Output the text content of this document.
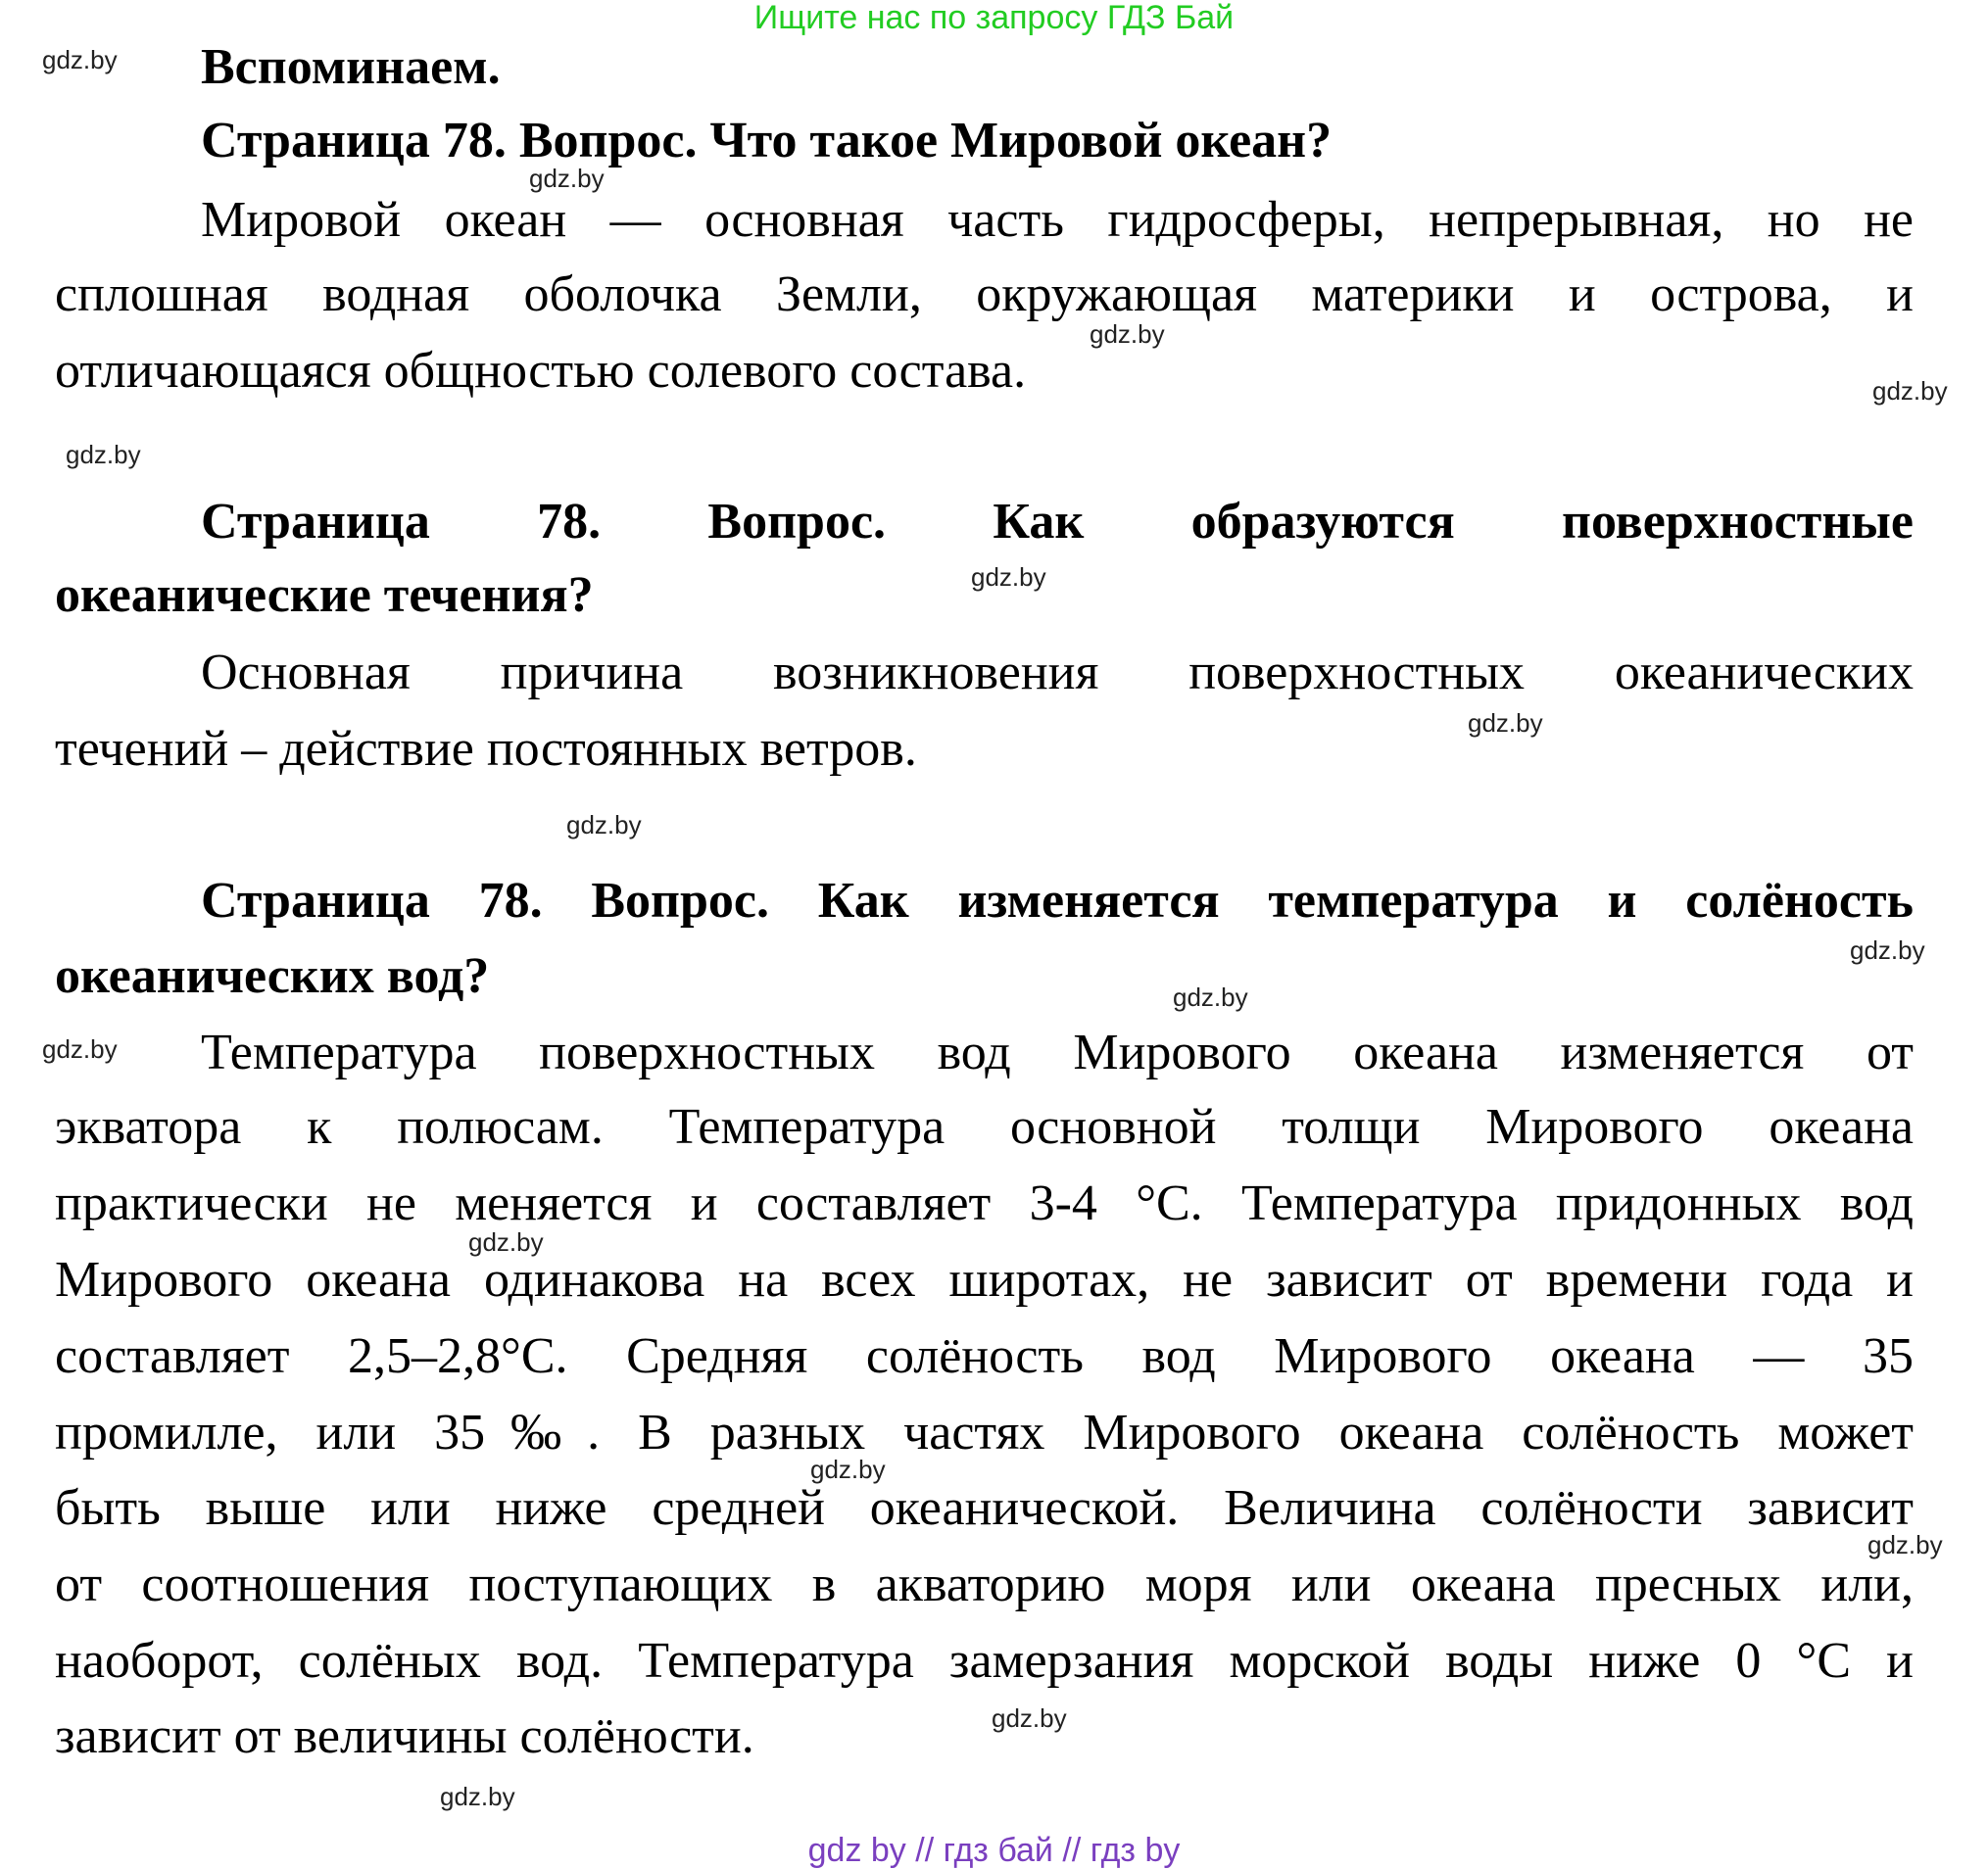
Ищите нас по запросу ГДЗ Бай
Вспоминаем.
Страница 78. Вопрос. Что такое Мировой океан?
Мировой океан — основная часть гидросферы, непрерывная, но не
сплошная водная оболочка Земли, окружающая материки и острова, и
отличающаяся общностью солевого состава.
Страница 78. Вопрос. Как образуются поверхностные
океанические течения?
Основная причина возникновения поверхностных океанических
течений – действие постоянных ветров.
Страница 78. Вопрос. Как изменяется температура и солёность
океанических вод?
Температура поверхностных вод Мирового океана изменяется от
экватора к полюсам. Температура основной толщи Мирового океана
практически не меняется и составляет 3-4 °С. Температура придонных вод
Мирового океана одинакова на всех широтах, не зависит от времени года и
составляет 2,5–2,8°С. Средняя солёность вод Мирового океана — 35
промилле, или 35‰. В разных частях Мирового океана солёность может
быть выше или ниже средней океанической. Величина солёности зависит
от соотношения поступающих в акваторию моря или океана пресных или,
наоборот, солёных вод. Температура замерзания морской воды ниже 0 °С и
зависит от величины солёности.
gdz.by
gdz.by
gdz.by
gdz.by
gdz.by
gdz.by
gdz.by
gdz.by
gdz.by
gdz.by
gdz.by
gdz.by
gdz.by
gdz.by
gdz.by
gdz.by
gdz by // гдз бай // гдз by
